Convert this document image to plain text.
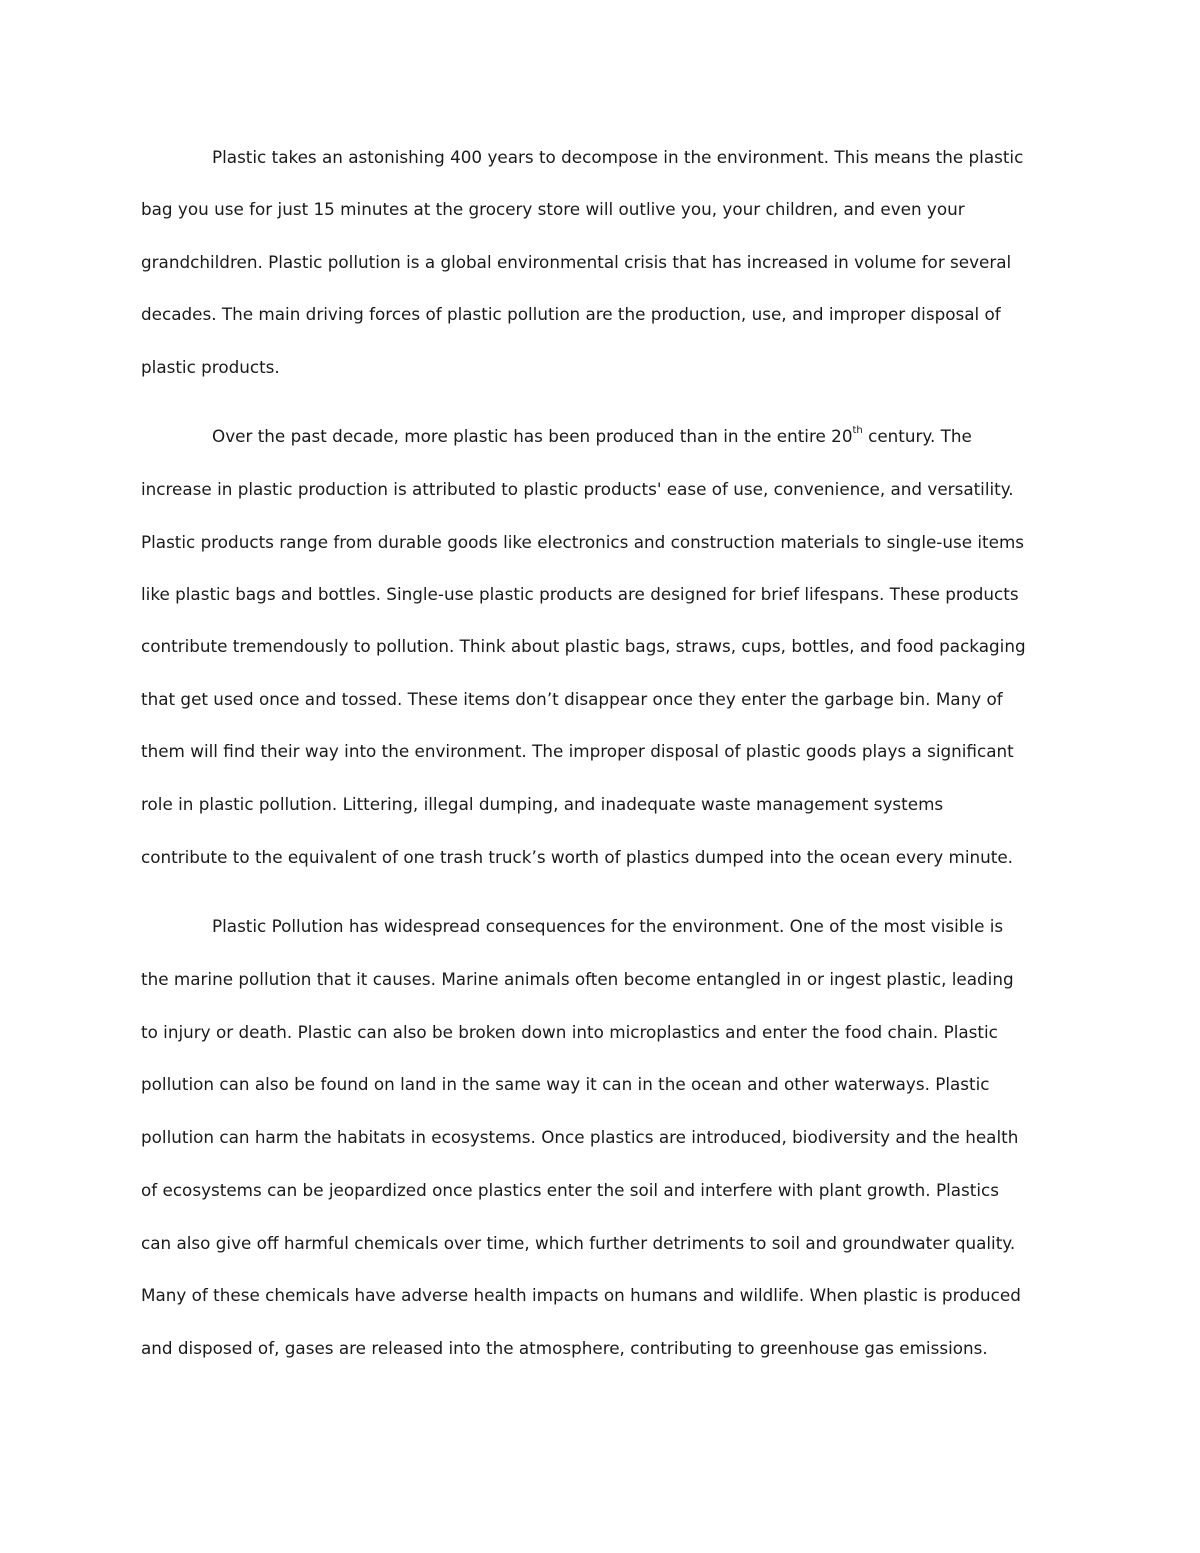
Plastic takes an astonishing 400 years to decompose in the environment. This means the plastic
bag you use for just 15 minutes at the grocery store will outlive you, your children, and even your
grandchildren. Plastic pollution is a global environmental crisis that has increased in volume for several
decades. The main driving forces of plastic pollution are the production, use, and improper disposal of
plastic products.
Over the past decade, more plastic has been produced than in the entire 20th century. The
increase in plastic production is attributed to plastic products' ease of use, convenience, and versatility.
Plastic products range from durable goods like electronics and construction materials to single-use items
like plastic bags and bottles. Single-use plastic products are designed for brief lifespans. These products
contribute tremendously to pollution. Think about plastic bags, straws, cups, bottles, and food packaging
that get used once and tossed. These items don’t disappear once they enter the garbage bin. Many of
them will find their way into the environment. The improper disposal of plastic goods plays a significant
role in plastic pollution. Littering, illegal dumping, and inadequate waste management systems
contribute to the equivalent of one trash truck’s worth of plastics dumped into the ocean every minute.
Plastic Pollution has widespread consequences for the environment. One of the most visible is
the marine pollution that it causes. Marine animals often become entangled in or ingest plastic, leading
to injury or death. Plastic can also be broken down into microplastics and enter the food chain. Plastic
pollution can also be found on land in the same way it can in the ocean and other waterways. Plastic
pollution can harm the habitats in ecosystems. Once plastics are introduced, biodiversity and the health
of ecosystems can be jeopardized once plastics enter the soil and interfere with plant growth. Plastics
can also give off harmful chemicals over time, which further detriments to soil and groundwater quality.
Many of these chemicals have adverse health impacts on humans and wildlife. When plastic is produced
and disposed of, gases are released into the atmosphere, contributing to greenhouse gas emissions.
